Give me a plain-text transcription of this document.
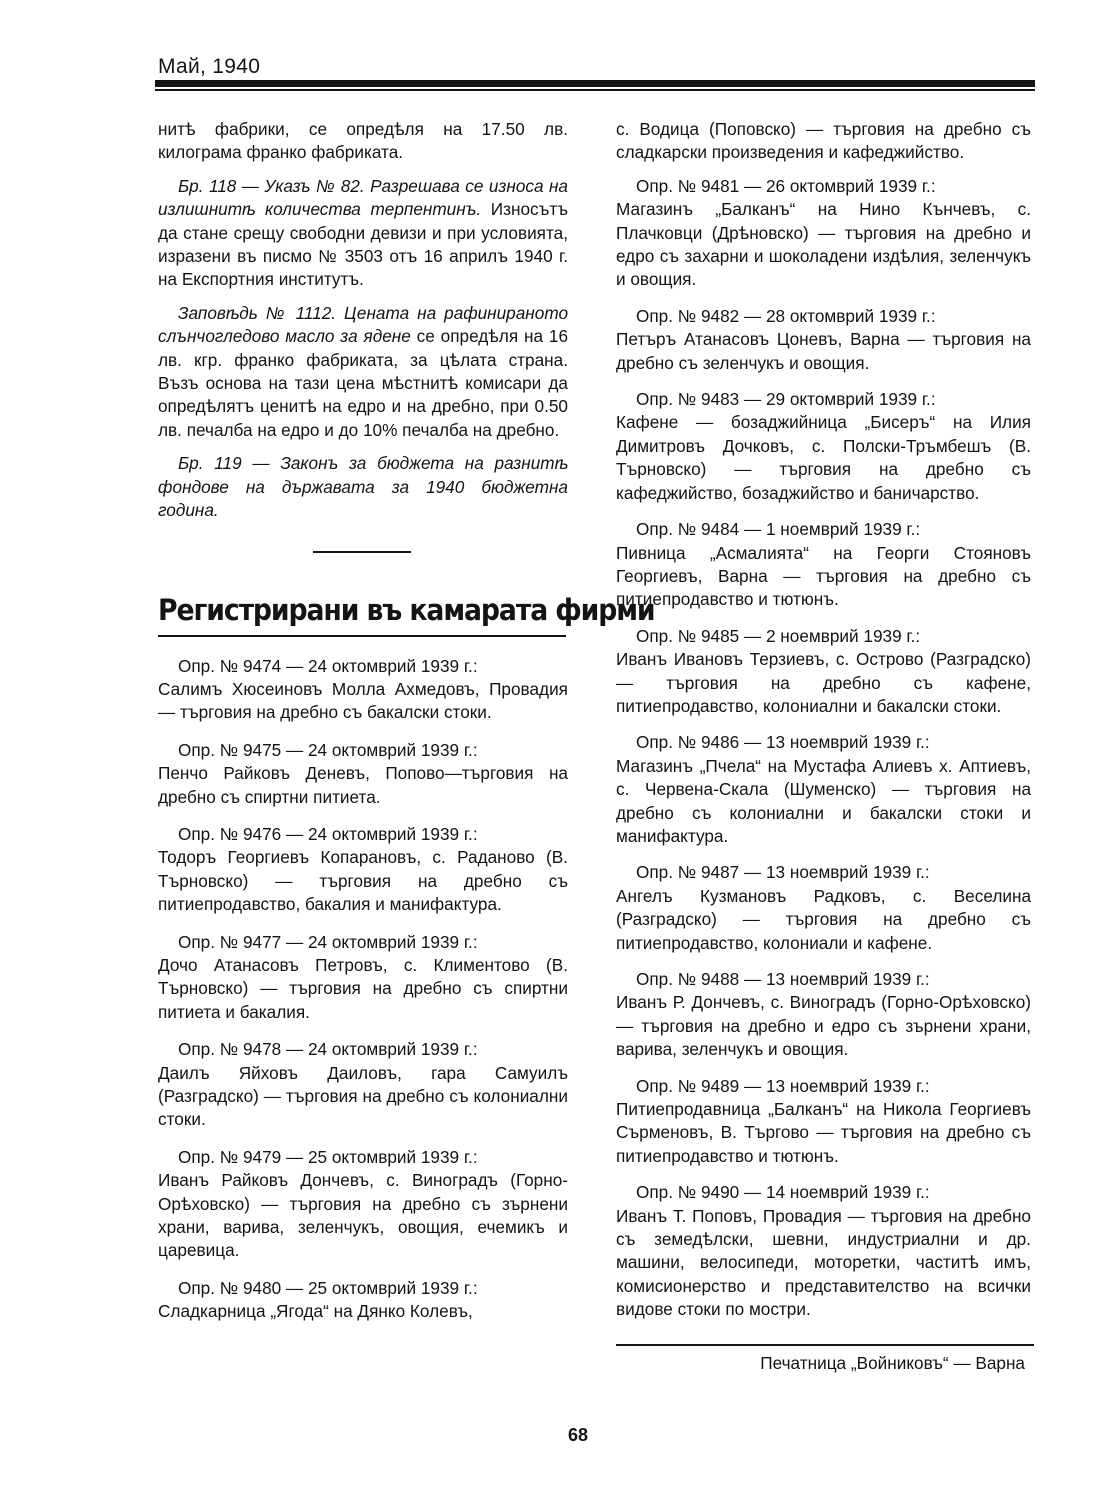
Май, 1940

нитѣ фабрики, се опредѣля на 17.50 лв. килограма франко фабриката.

Бр. 118 — Указъ № 82. Разрешава се износа на излишнитѣ количества терпентинъ. Износътъ да стане срещу свободни девизи и при условията, изразени въ писмо № 3503 отъ 16 априлъ 1940 г. на Експортния институтъ.

Заповѣдь № 1112. Цената на рафинираното слънчогледово масло за ядене се опредѣля на 16 лв. кгр. франко фабриката, за цѣлата страна. Възъ основа на тази цена мѣстнитѣ комисари да опредѣлятъ ценитѣ на едро и на дребно, при 0.50 лв. печалба на едро и до 10% печалба на дребно.

Бр. 119 — Законъ за бюджета на разнитѣ фондове на държавата за 1940 бюджетна година.

Регистрирани въ камарата фирми
Опр. № 9474 — 24 октомврий 1939 г.:
Салимъ Хюсеиновъ Молла Ахмедовъ, Провадия — търговия на дребно съ бакалски стоки.
Опр. № 9475 — 24 октомврий 1939 г.:
Пенчо Райковъ Деневъ, Попово—търговия на дребно съ спиртни питиета.
Опр. № 9476 — 24 октомврий 1939 г.:
Тодоръ Георгиевъ Копарановъ, с. Раданово (В. Търновско) — търговия на дребно съ питиепродавство, бакалия и манифактура.
Опр. № 9477 — 24 октомврий 1939 г.:
Дочо Атанасовъ Петровъ, с. Климентово (В. Търновско) — търговия на дребно съ спиртни питиета и бакалия.
Опр. № 9478 — 24 октомврий 1939 г.:
Даилъ Яйховъ Даиловъ, гара Самуилъ (Разградско) — търговия на дребно съ колониални стоки.
Опр. № 9479 — 25 октомврий 1939 г.:
Иванъ Райковъ Дончевъ, с. Виноградъ (Горно-Орѣховско) — търговия на дребно съ зърнени храни, варива, зеленчукъ, овощия, ечемикъ и царевица.
Опр. № 9480 — 25 октомврий 1939 г.:
Сладкарница „Ягода“ на Дянко Колевъ,

с. Водица (Поповско) — търговия на дребно съ сладкарски произведения и кафеджийство.

Опр. № 9481 — 26 октомврий 1939 г.:
Магазинъ „Балканъ“ на Нино Кънчевъ, с. Плачковци (Дрѣновско) — търговия на дребно и едро съ захарни и шоколадени издѣлия, зеленчукъ и овощия.
Опр. № 9482 — 28 октомврий 1939 г.:
Петъръ Атанасовъ Цоневъ, Варна — търговия на дребно съ зеленчукъ и овощия.
Опр. № 9483 — 29 октомврий 1939 г.:
Кафене — бозаджийница „Бисеръ“ на Илия Димитровъ Дочковъ, с. Полски-Тръмбешъ (В. Търновско) — търговия на дребно съ кафеджийство, бозаджийство и баничарство.
Опр. № 9484 — 1 ноемврий 1939 г.:
Пивница „Асмалията“ на Георги Стояновъ Георгиевъ, Варна — търговия на дребно съ питиепродавство и тютюнъ.
Опр. № 9485 — 2 ноемврий 1939 г.:
Иванъ Ивановъ Терзиевъ, с. Острово (Разградско) — търговия на дребно съ кафене, питиепродавство, колониални и бакалски стоки.
Опр. № 9486 — 13 ноемврий 1939 г.:
Магазинъ „Пчела“ на Мустафа Алиевъ х. Аптиевъ, с. Червена-Скала (Шуменско) — търговия на дребно съ колониални и бакалски стоки и манифактура.
Опр. № 9487 — 13 ноемврий 1939 г.:
Ангелъ Кузмановъ Радковъ, с. Веселина (Разградско) — търговия на дребно съ питиепродавство, колониали и кафене.
Опр. № 9488 — 13 ноемврий 1939 г.:
Иванъ Р. Дончевъ, с. Виноградъ (Горно-Орѣховско) — търговия на дребно и едро съ зърнени храни, варива, зеленчукъ и овощия.
Опр. № 9489 — 13 ноемврий 1939 г.:
Питиепродавница „Балканъ“ на Никола Георгиевъ Сърменовъ, В. Търгово — търговия на дребно съ питиепродавство и тютюнъ.
Опр. № 9490 — 14 ноемврий 1939 г.:
Иванъ Т. Поповъ, Провадия — търговия на дребно съ земедѣлски, шевни, индустриални и др. машини, велосипеди, мотоpетки, частитѣ имъ, комисионерство и представителство на всички видове стоки по мостри.
Печатница „Войниковъ“ — Варна
68
